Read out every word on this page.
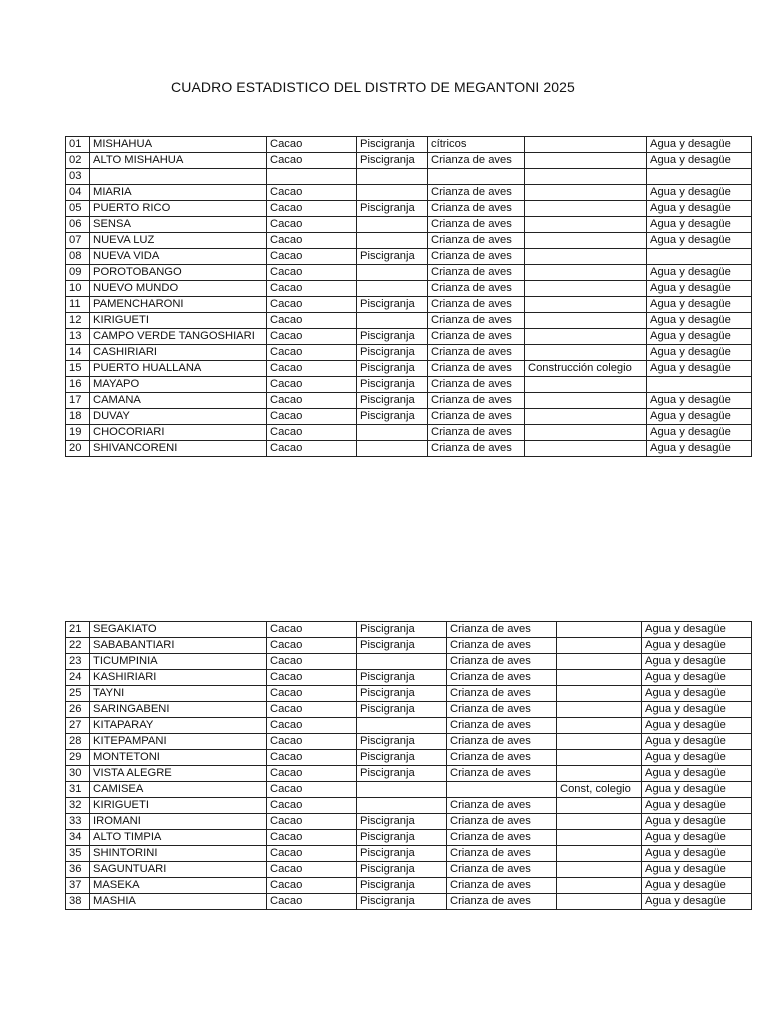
CUADRO ESTADISTICO DEL DISTRTO DE MEGANTONI 2025
01	MISHAHUA	Cacao	Piscigranja	cítricos		Agua y desagüe
02	ALTO MISHAHUA	Cacao	Piscigranja	Crianza de aves		Agua y desagüe
03						
04	MIARIA	Cacao		Crianza de aves		Agua y desagüe
05	PUERTO RICO	Cacao	Piscigranja	Crianza de aves		Agua y desagüe
06	SENSA	Cacao		Crianza de aves		Agua y desagüe
07	NUEVA LUZ	Cacao		Crianza de aves		Agua y desagüe
08	NUEVA VIDA	Cacao	Piscigranja	Crianza de aves		
09	POROTOBANGO	Cacao		Crianza de aves		Agua y desagüe
10	NUEVO MUNDO	Cacao		Crianza de aves		Agua y desagüe
11	PAMENCHARONI	Cacao	Piscigranja	Crianza de aves		Agua y desagüe
12	KIRIGUETI	Cacao		Crianza de aves		Agua y desagüe
13	CAMPO VERDE TANGOSHIARI	Cacao	Piscigranja	Crianza de aves		Agua y desagüe
14	CASHIRIARI	Cacao	Piscigranja	Crianza de aves		Agua y desagüe
15	PUERTO HUALLANA	Cacao	Piscigranja	Crianza de aves	Construcción colegio	Agua y desagüe
16	MAYAPO	Cacao	Piscigranja	Crianza de aves		
17	CAMANA	Cacao	Piscigranja	Crianza de aves		Agua y desagüe
18	DUVAY	Cacao	Piscigranja	Crianza de aves		Agua y desagüe
19	CHOCORIARI	Cacao		Crianza de aves		Agua y desagüe
20	SHIVANCORENI	Cacao		Crianza de aves		Agua y desagüe
21	SEGAKIATO	Cacao	Piscigranja	Crianza de aves		Agua y desagüe
22	SABABANTIARI	Cacao	Piscigranja	Crianza de aves		Agua y desagüe
23	TICUMPINIA	Cacao		Crianza de aves		Agua y desagüe
24	KASHIRIARI	Cacao	Piscigranja	Crianza de aves		Agua y desagüe
25	TAYNI	Cacao	Piscigranja	Crianza de aves		Agua y desagüe
26	SARINGABENI	Cacao	Piscigranja	Crianza de aves		Agua y desagüe
27	KITAPARAY	Cacao		Crianza de aves		Agua y desagüe
28	KITEPAMPANI	Cacao	Piscigranja	Crianza de aves		Agua y desagüe
29	MONTETONI	Cacao	Piscigranja	Crianza de aves		Agua y desagüe
30	VISTA ALEGRE	Cacao	Piscigranja	Crianza de aves		Agua y desagüe
31	CAMISEA	Cacao			Const, colegio	Agua y desagüe
32	KIRIGUETI	Cacao		Crianza de aves		Agua y desagüe
33	IROMANI	Cacao	Piscigranja	Crianza de aves		Agua y desagüe
34	ALTO TIMPIA	Cacao	Piscigranja	Crianza de aves		Agua y desagüe
35	SHINTORINI	Cacao	Piscigranja	Crianza de aves		Agua y desagüe
36	SAGUNTUARI	Cacao	Piscigranja	Crianza de aves		Agua y desagüe
37	MASEKA	Cacao	Piscigranja	Crianza de aves		Agua y desagüe
38	MASHIA	Cacao	Piscigranja	Crianza de aves		Agua y desagüe
